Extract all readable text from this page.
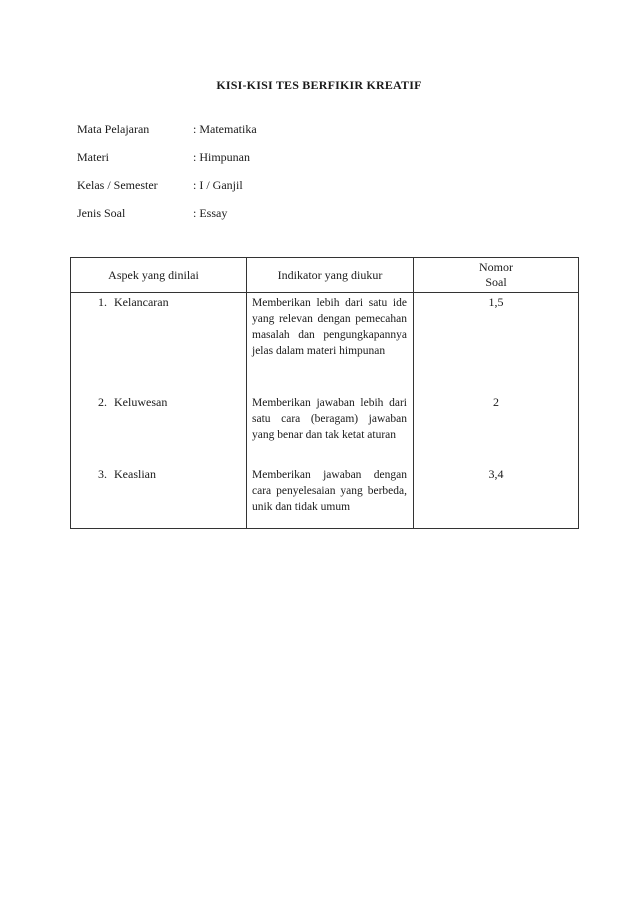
KISI-KISI TES BERFIKIR KREATIF
Mata Pelajaran	: Matematika
Materi	: Himpunan
Kelas / Semester	: I / Ganjil
Jenis Soal	: Essay
Aspek yang dinilai	Indikator yang diukur	Nomor
Soal

1. Kelancaran	Memberikan lebih dari satu ide yang relevan dengan pemecahan masalah dan pengungkapannya jelas dalam materi himpunan	1,5
2. Keluwesan	Memberikan jawaban lebih dari satu cara (beragam) jawaban yang benar dan tak ketat aturan	2
3. Keaslian	Memberikan jawaban dengan cara penyelesaian yang berbeda, unik dan tidak umum	3,4
